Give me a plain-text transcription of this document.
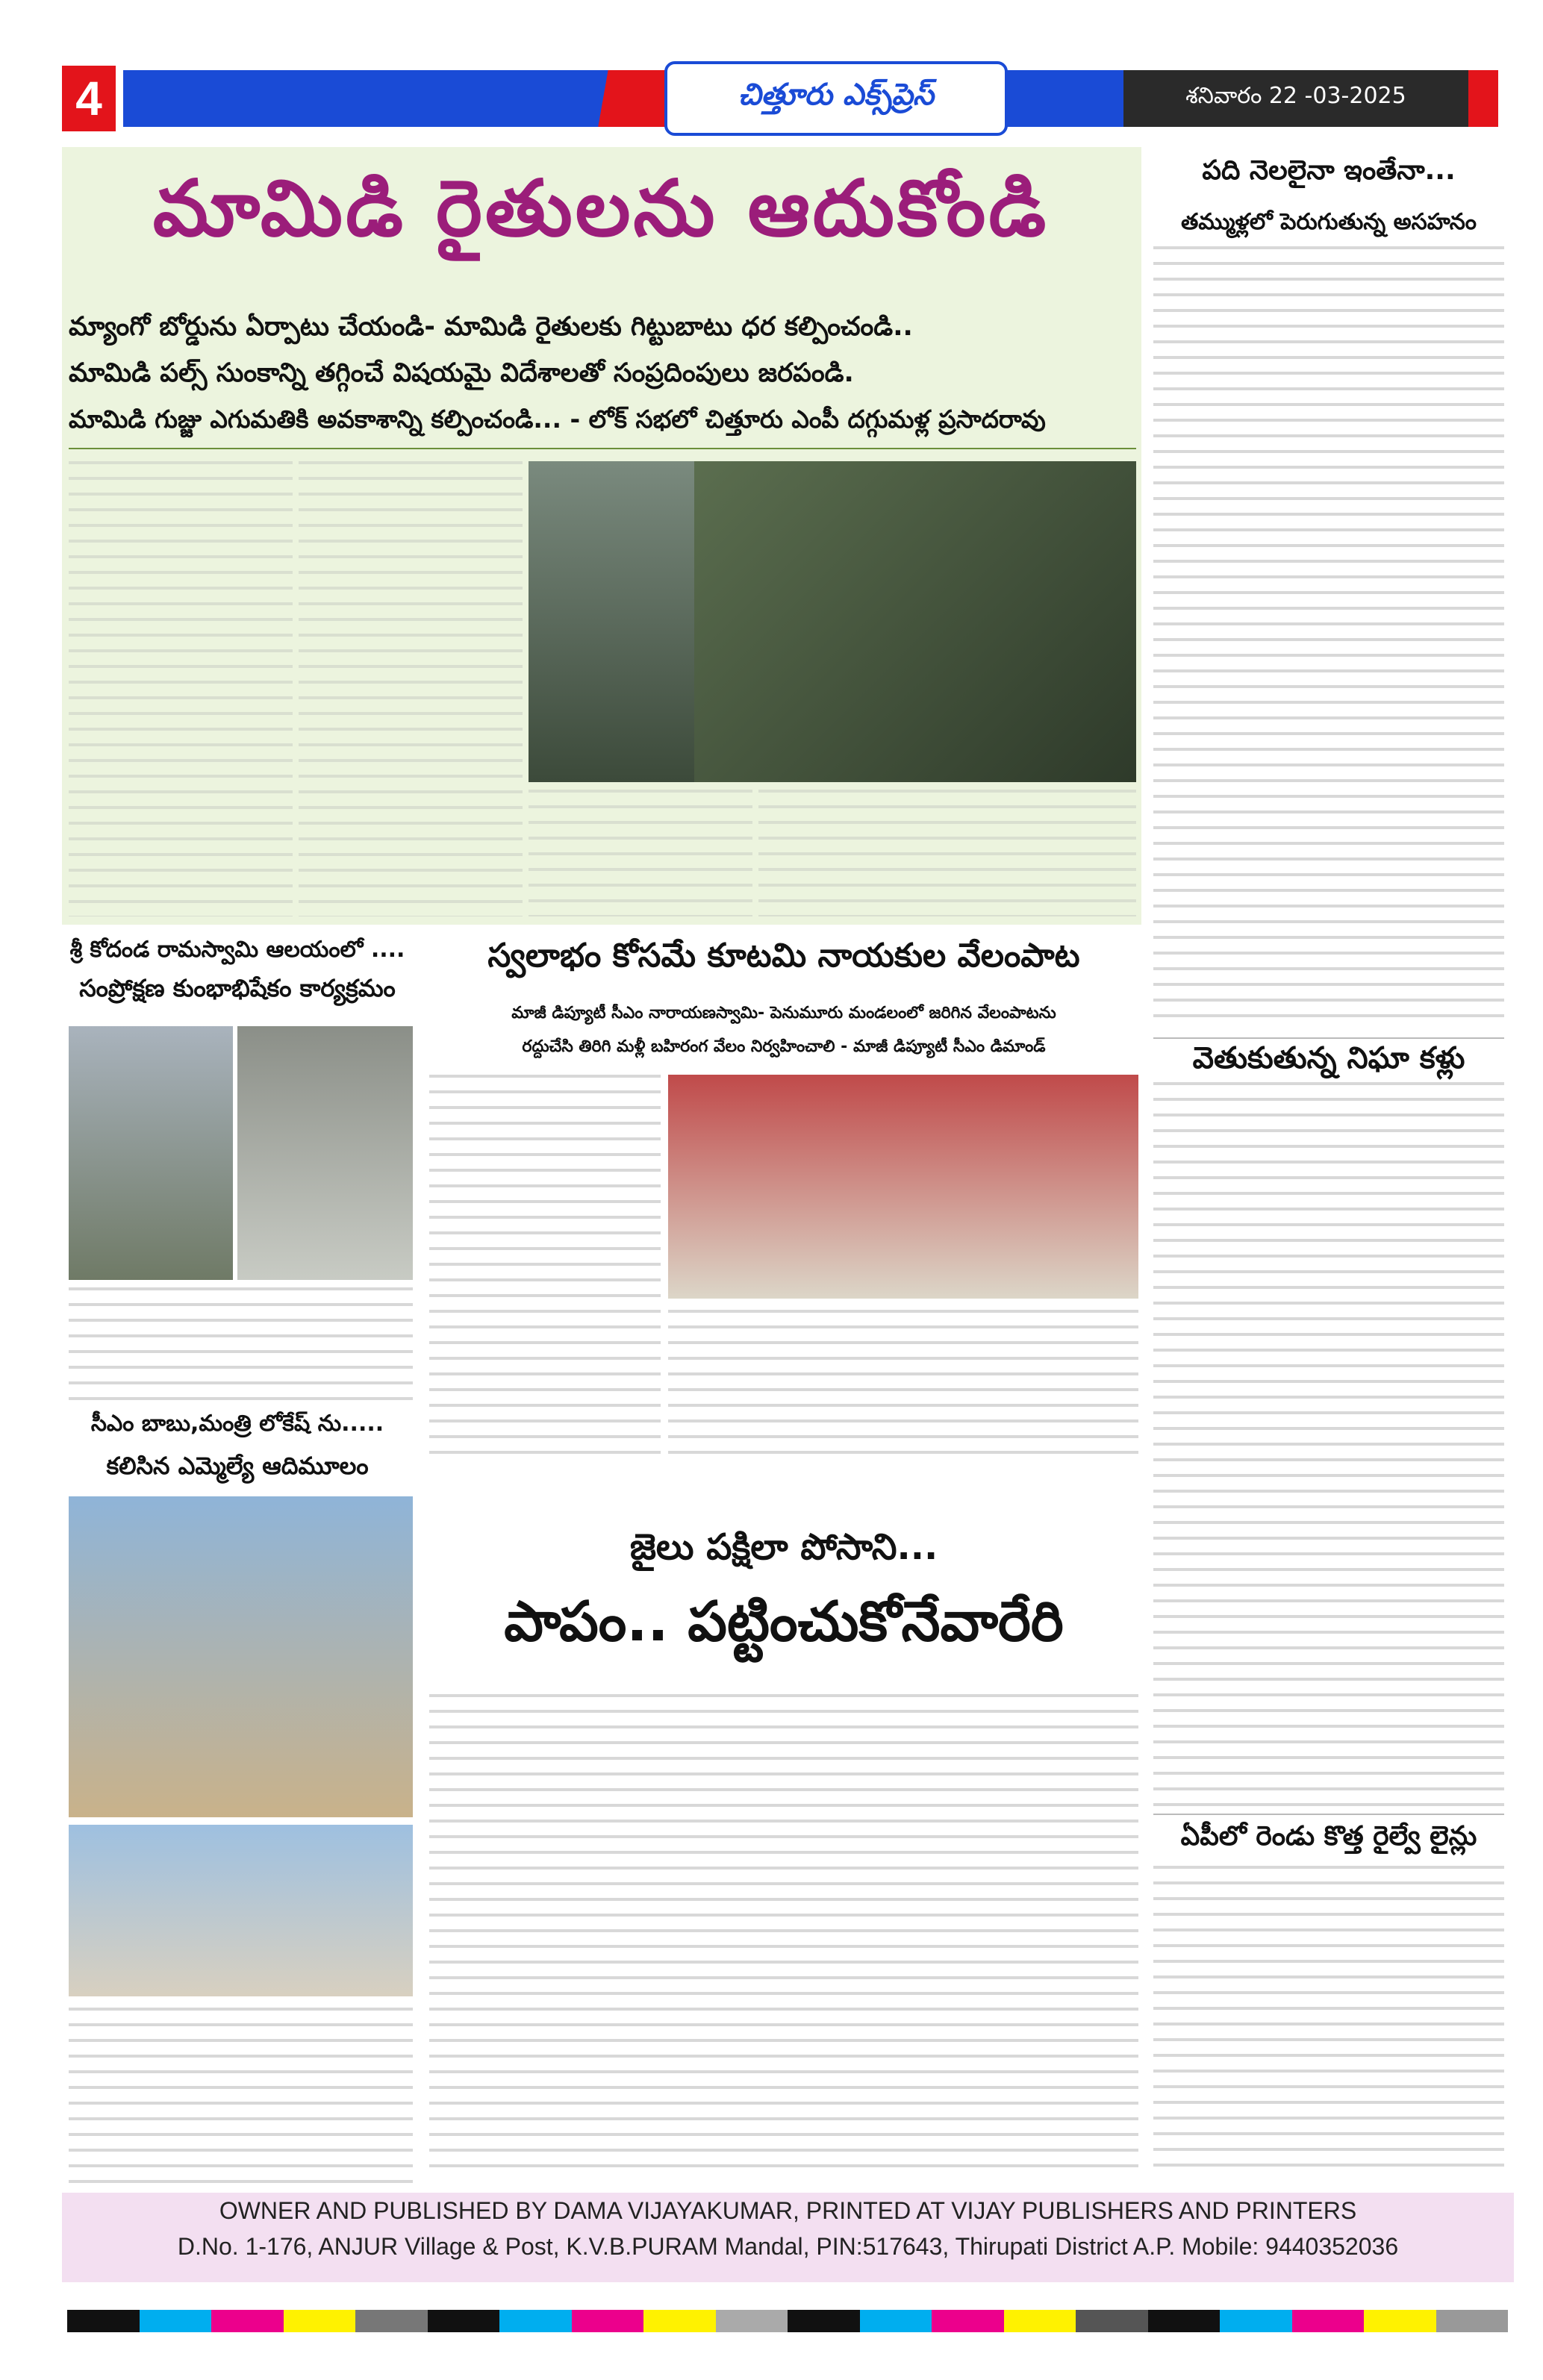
4	చిత్తూరు ఎక్స్‌ప్రెస్	శనివారం 22 -03-2025
మామిడి రైతులను ఆదుకోండి
మ్యాంగో బోర్డును ఏర్పాటు చేయండి- మామిడి రైతులకు గిట్టుబాటు ధర కల్పించండి..
మామిడి పల్స్ సుంకాన్ని తగ్గించే విషయమై విదేశాలతో సంప్రదింపులు జరపండి.
మామిడి గుజ్జు ఎగుమతికి అవకాశాన్ని కల్పించండి... - లోక్ సభలో చిత్తూరు ఎంపీ దగ్గుమళ్ల ప్రసాదరావు
పది నెలలైనా ఇంతేనా...
తమ్ముళ్లలో పెరుగుతున్న అసహనం
వెతుకుతున్న నిఘా కళ్లు
ఏపీలో రెండు కొత్త రైల్వే లైన్లు
శ్రీ కోదండ రామస్వామి ఆలయంలో ....
సంప్రోక్షణ కుంభాభిషేకం కార్యక్రమం
సీఎం బాబు,మంత్రి లోకేష్ ను.....
కలిసిన ఎమ్మెల్యే ఆదిమూలం
స్వలాభం కోసమే కూటమి నాయకుల వేలంపాట
మాజీ డిప్యూటీ సీఎం నారాయణస్వామి- పెనుమూరు మండలంలో జరిగిన వేలంపాటను
రద్దుచేసి తిరిగి మళ్లీ బహిరంగ వేలం నిర్వహించాలి - మాజీ డిప్యూటీ సీఎం డిమాండ్
జైలు పక్షిలా పోసాని...
పాపం.. పట్టించుకోనేవారేరి
OWNER AND PUBLISHED BY DAMA VIJAYAKUMAR, PRINTED AT VIJAY PUBLISHERS AND PRINTERS
D.No. 1-176, ANJUR Village & Post, K.V.B.PURAM Mandal, PIN:517643, Thirupati District A.P. Mobile: 9440352036
